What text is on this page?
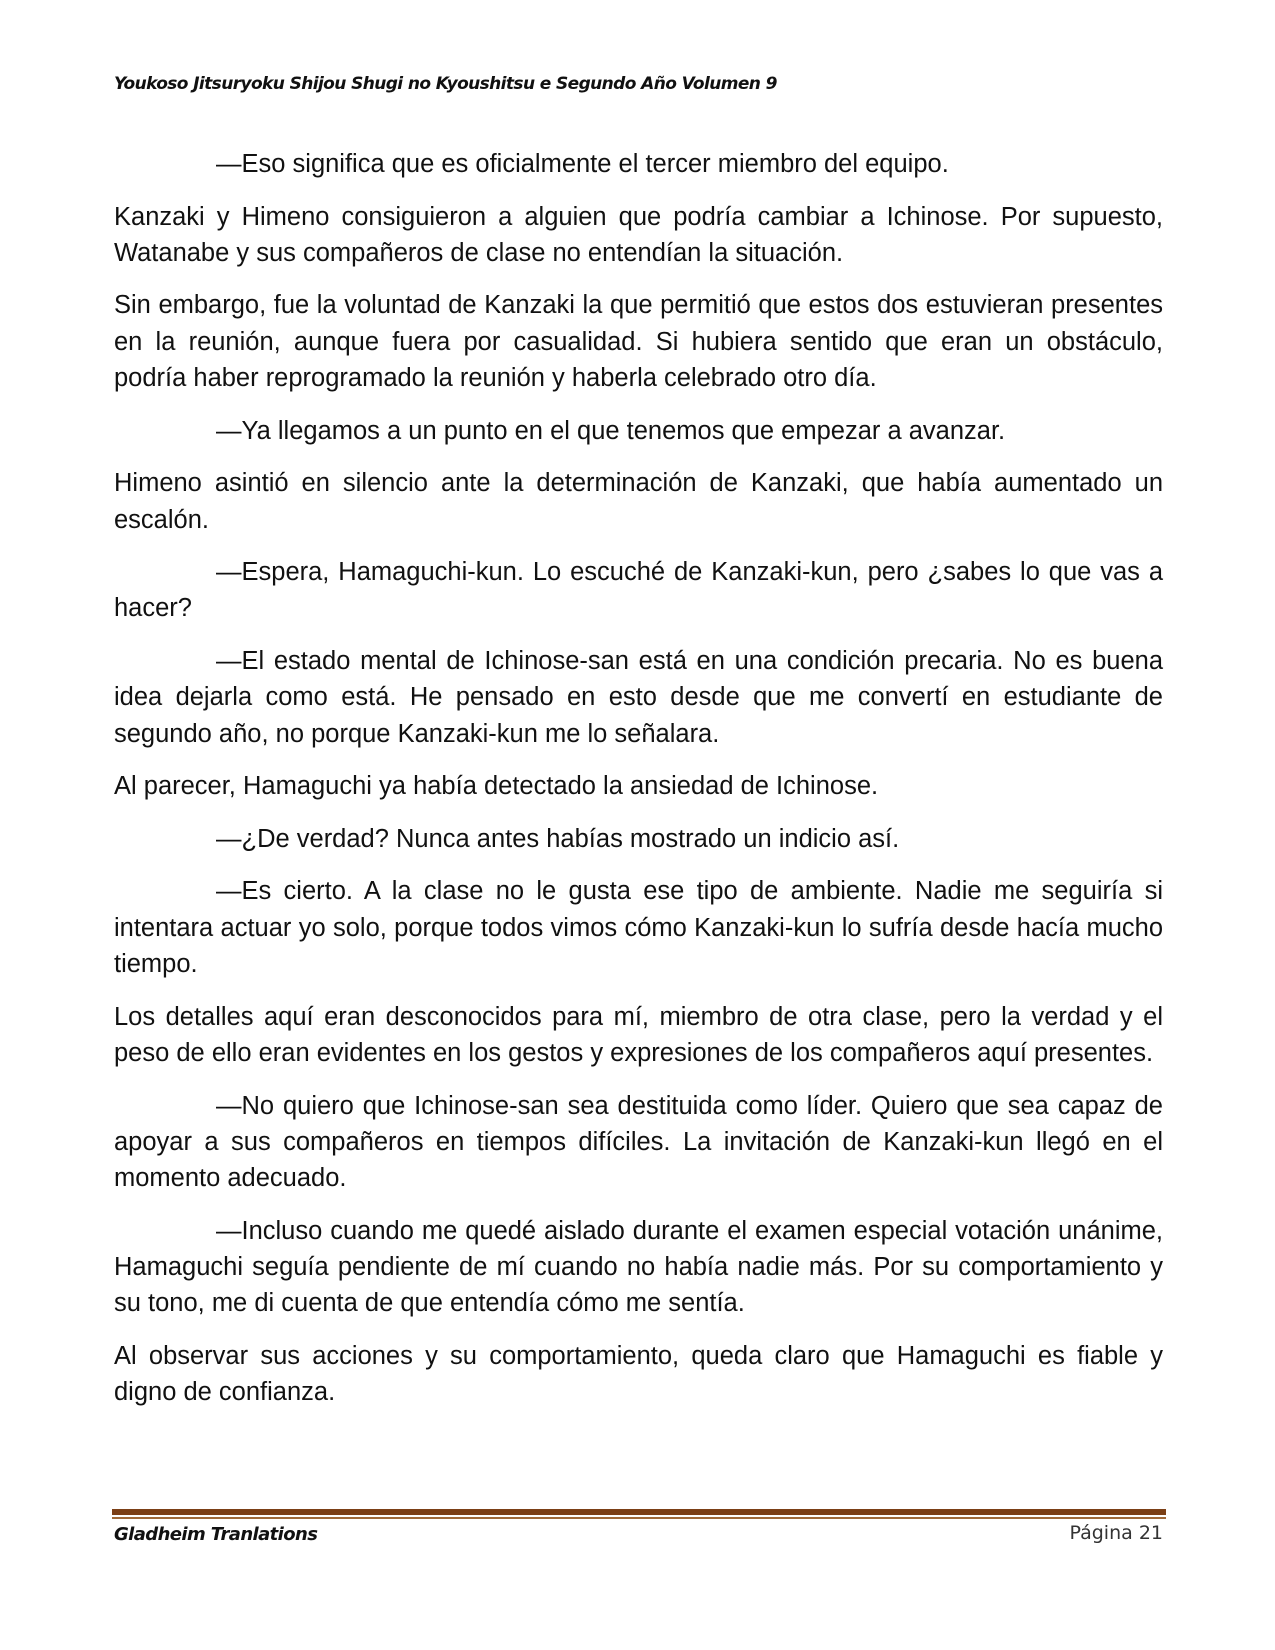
Youkoso Jitsuryoku Shijou Shugi no Kyoushitsu e Segundo Año Volumen 9

—Eso significa que es oficialmente el tercer miembro del equipo.

Kanzaki y Himeno consiguieron a alguien que podría cambiar a Ichinose. Por supuesto, Watanabe y sus compañeros de clase no entendían la situación.

Sin embargo, fue la voluntad de Kanzaki la que permitió que estos dos estuvieran presentes en la reunión, aunque fuera por casualidad. Si hubiera sentido que eran un obstáculo, podría haber reprogramado la reunión y haberla celebrado otro día.

—Ya llegamos a un punto en el que tenemos que empezar a avanzar.

Himeno asintió en silencio ante la determinación de Kanzaki, que había aumentado un escalón.

—Espera, Hamaguchi-kun. Lo escuché de Kanzaki-kun, pero ¿sabes lo que vas a hacer?

—El estado mental de Ichinose-san está en una condición precaria. No es buena idea dejarla como está. He pensado en esto desde que me convertí en estudiante de segundo año, no porque Kanzaki-kun me lo señalara.

Al parecer, Hamaguchi ya había detectado la ansiedad de Ichinose.

—¿De verdad? Nunca antes habías mostrado un indicio así.

—Es cierto. A la clase no le gusta ese tipo de ambiente. Nadie me seguiría si intentara actuar yo solo, porque todos vimos cómo Kanzaki-kun lo sufría desde hacía mucho tiempo.

Los detalles aquí eran desconocidos para mí, miembro de otra clase, pero la verdad y el peso de ello eran evidentes en los gestos y expresiones de los compañeros aquí presentes.

—No quiero que Ichinose-san sea destituida como líder. Quiero que sea capaz de apoyar a sus compañeros en tiempos difíciles. La invitación de Kanzaki-kun llegó en el momento adecuado.

—Incluso cuando me quedé aislado durante el examen especial votación unánime, Hamaguchi seguía pendiente de mí cuando no había nadie más. Por su comportamiento y su tono, me di cuenta de que entendía cómo me sentía.

Al observar sus acciones y su comportamiento, queda claro que Hamaguchi es fiable y digno de confianza.

Gladheim Tranlations	Página 21
